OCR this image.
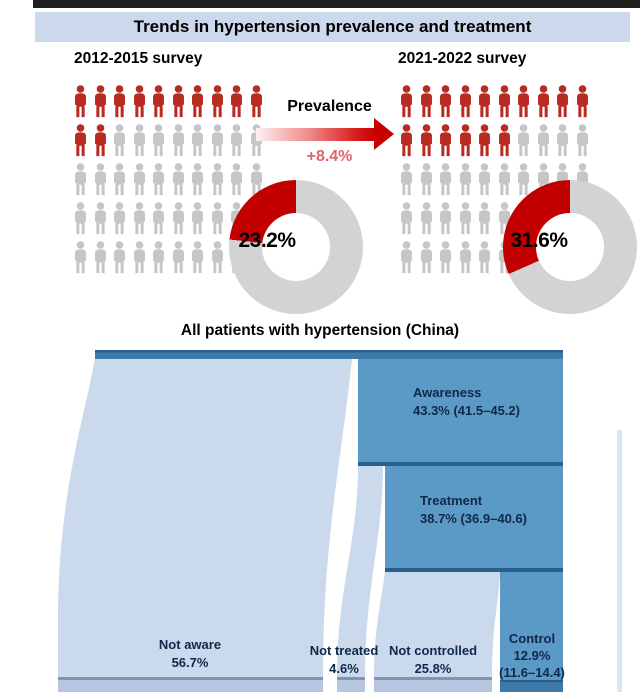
Trends in hypertension prevalence and treatment
2012-2015 survey	2021-2022 survey
Prevalence
+8.4%
23.2%	31.6%
All patients with hypertension (China)
Awareness
43.3% (41.5–45.2)
Treatment
38.7% (36.9–40.6)
Not aware
56.7%
Not treated
4.6%
Not controlled
25.8%
Control
12.9%
(11.6–14.4)
